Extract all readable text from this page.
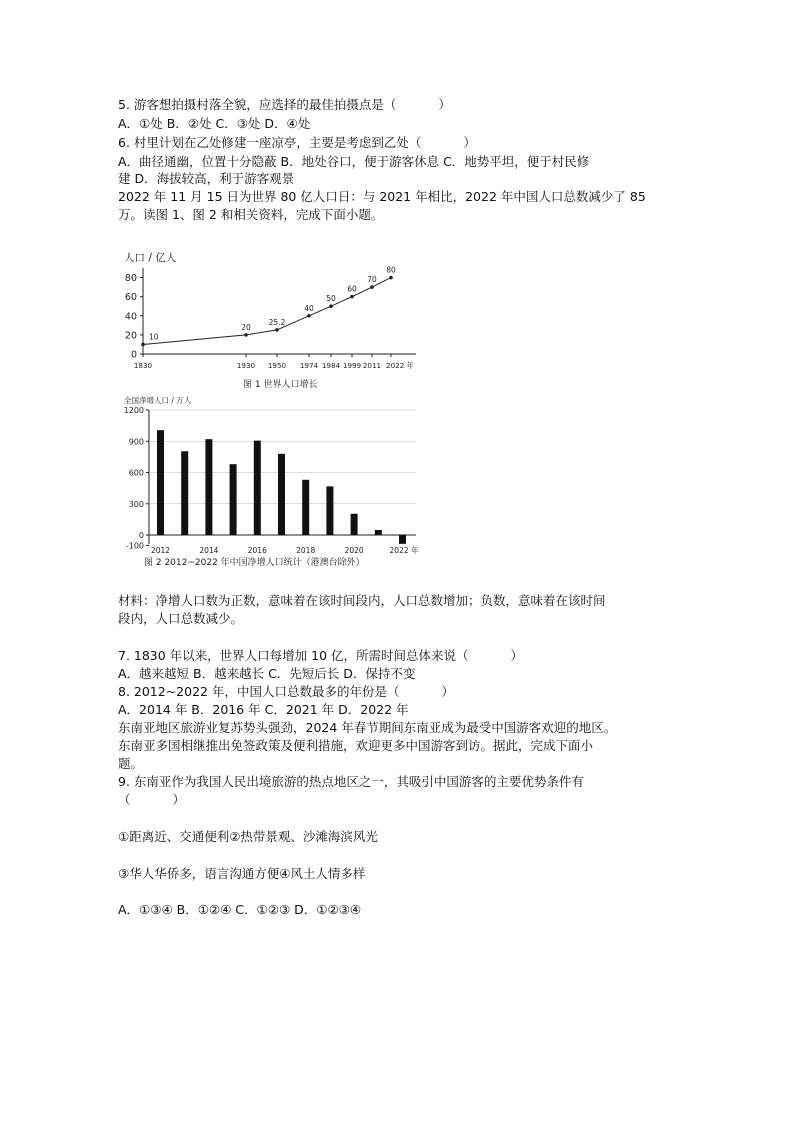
5. 游客想拍摄村落全貌，应选择的最佳拍摄点是（	）
A．①处 B．②处 C．③处 D．④处
6. 村里计划在乙处修建一座凉亭，主要是考虑到乙处（	）
A．曲径通幽，位置十分隐蔽 B．地处谷口，便于游客休息 C．地势平坦，便于村民修
建 D．海拔较高，利于游客观景
2022 年 11 月 15 日为世界 80 亿人口日：与 2021 年相比，2022 年中国人口总数减少了 85
万。读图 1、图 2 和相关资料，完成下面小题。
人口 / 亿人
0
20
40
60
80
1830	1930 1950 1974 1984 1999 2011 2022 年
10
20
25.2
40
50
60
70
80
图 1 世界人口增长
全国净增人口 / 万人
1200
900
600
300
0
-100
2012	2014	2016	2018	2020	2022 年
图 2 2012~2022 年中国净增人口统计（港澳台除外）
材料：净增人口数为正数，意味着在该时间段内，人口总数增加；负数，意味着在该时间
段内，人口总数减少。
7. 1830 年以来，世界人口每增加 10 亿，所需时间总体来说（	）
A．越来越短 B．越来越长 C．先短后长 D．保持不变
8. 2012~2022 年，中国人口总数最多的年份是（	）
A．2014 年 B．2016 年 C．2021 年 D．2022 年
东南亚地区旅游业复苏势头强劲，2024 年春节期间东南亚成为最受中国游客欢迎的地区。
东南亚多国相继推出免签政策及便利措施，欢迎更多中国游客到访。据此，完成下面小
题。
9. 东南亚作为我国人民出境旅游的热点地区之一，其吸引中国游客的主要优势条件有
（	）
①距离近、交通便利②热带景观、沙滩海滨风光
③华人华侨多，语言沟通方便④风土人情多样
A．①③④ B．①②④ C．①②③ D．①②③④
